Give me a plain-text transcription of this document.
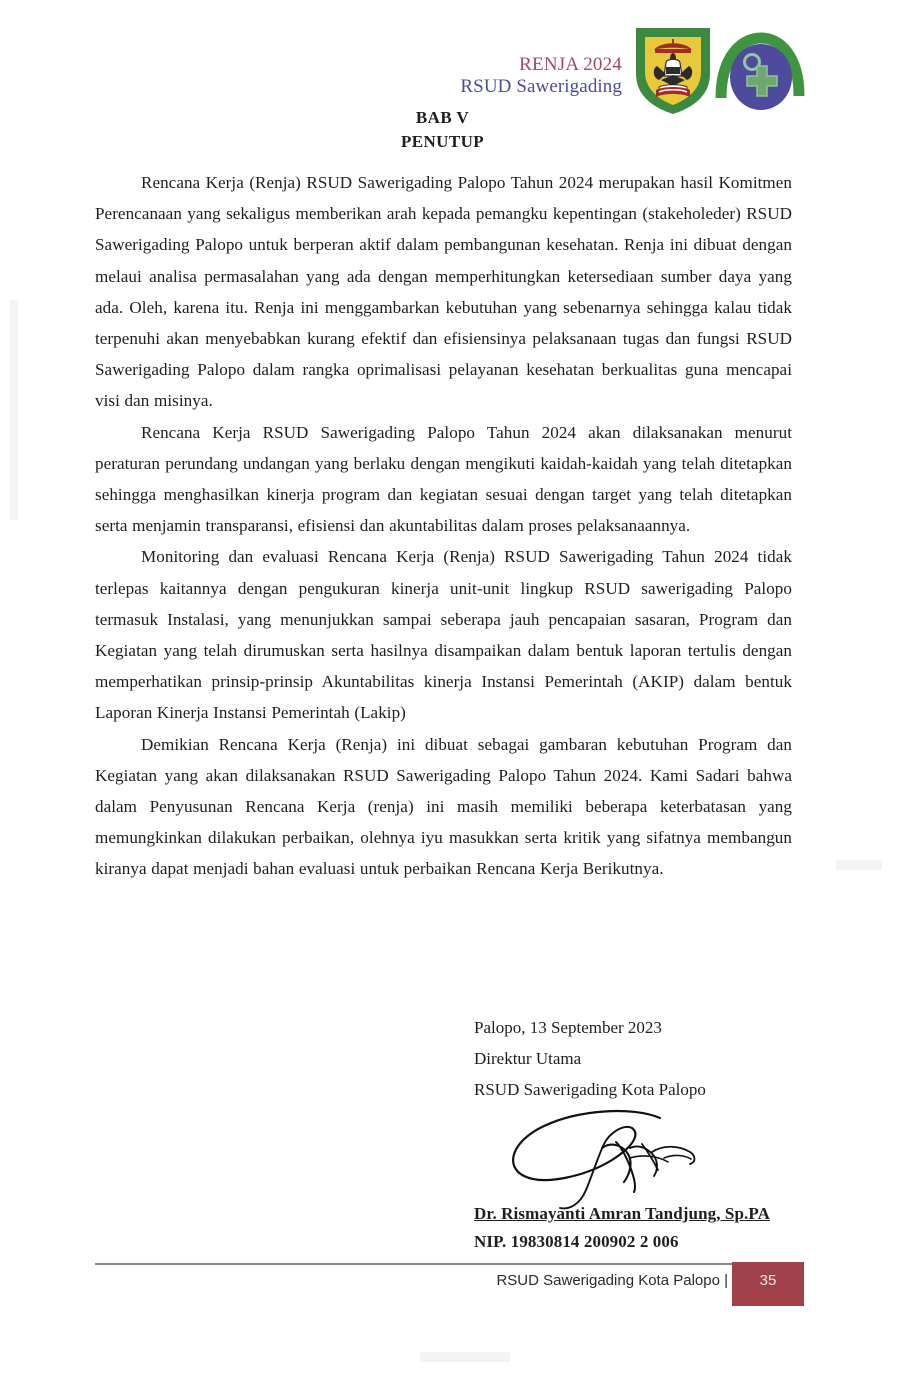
RENJA 2024
RSUD Sawerigading
BAB V
PENUTUP

Rencana Kerja (Renja) RSUD Sawerigading Palopo Tahun 2024 merupakan hasil Komitmen Perencanaan yang sekaligus memberikan arah kepada pemangku kepentingan (stakeholeder) RSUD Sawerigading Palopo untuk berperan aktif dalam pembangunan kesehatan. Renja ini dibuat dengan melaui analisa permasalahan yang ada dengan memperhitungkan ketersediaan sumber daya yang ada. Oleh, karena itu. Renja ini menggambarkan kebutuhan yang sebenarnya sehingga kalau tidak terpenuhi akan menyebabkan kurang efektif dan efisiensinya pelaksanaan tugas dan fungsi RSUD Sawerigading Palopo dalam rangka oprimalisasi pelayanan kesehatan berkualitas guna mencapai visi dan misinya.

Rencana Kerja RSUD Sawerigading Palopo Tahun 2024 akan dilaksanakan menurut peraturan perundang undangan yang berlaku dengan mengikuti kaidah-kaidah yang telah ditetapkan sehingga menghasilkan kinerja program dan kegiatan sesuai dengan target yang telah ditetapkan serta menjamin transparansi, efisiensi dan akuntabilitas dalam proses pelaksanaannya.

Monitoring dan evaluasi Rencana Kerja (Renja) RSUD Sawerigading Tahun 2024 tidak terlepas kaitannya dengan pengukuran kinerja unit-unit lingkup RSUD sawerigading Palopo termasuk Instalasi, yang menunjukkan sampai seberapa jauh pencapaian sasaran, Program dan Kegiatan yang telah dirumuskan serta hasilnya disampaikan dalam bentuk laporan tertulis dengan memperhatikan prinsip-prinsip Akuntabilitas kinerja Instansi Pemerintah (AKIP) dalam bentuk Laporan Kinerja Instansi Pemerintah (Lakip)

Demikian Rencana Kerja (Renja) ini dibuat sebagai gambaran kebutuhan Program dan Kegiatan yang akan dilaksanakan RSUD Sawerigading Palopo Tahun 2024. Kami Sadari bahwa dalam Penyusunan Rencana Kerja (renja) ini masih memiliki beberapa keterbatasan yang memungkinkan dilakukan perbaikan, olehnya iyu masukkan serta kritik yang sifatnya membangun kiranya dapat menjadi bahan evaluasi untuk perbaikan Rencana Kerja Berikutnya.

Palopo, 13 September 2023
Direktur Utama
RSUD Sawerigading Kota Palopo
Dr. Rismayanti Amran Tandjung, Sp.PA
NIP. 19830814 200902 2 006
RSUD Sawerigading Kota Palopo |	35
